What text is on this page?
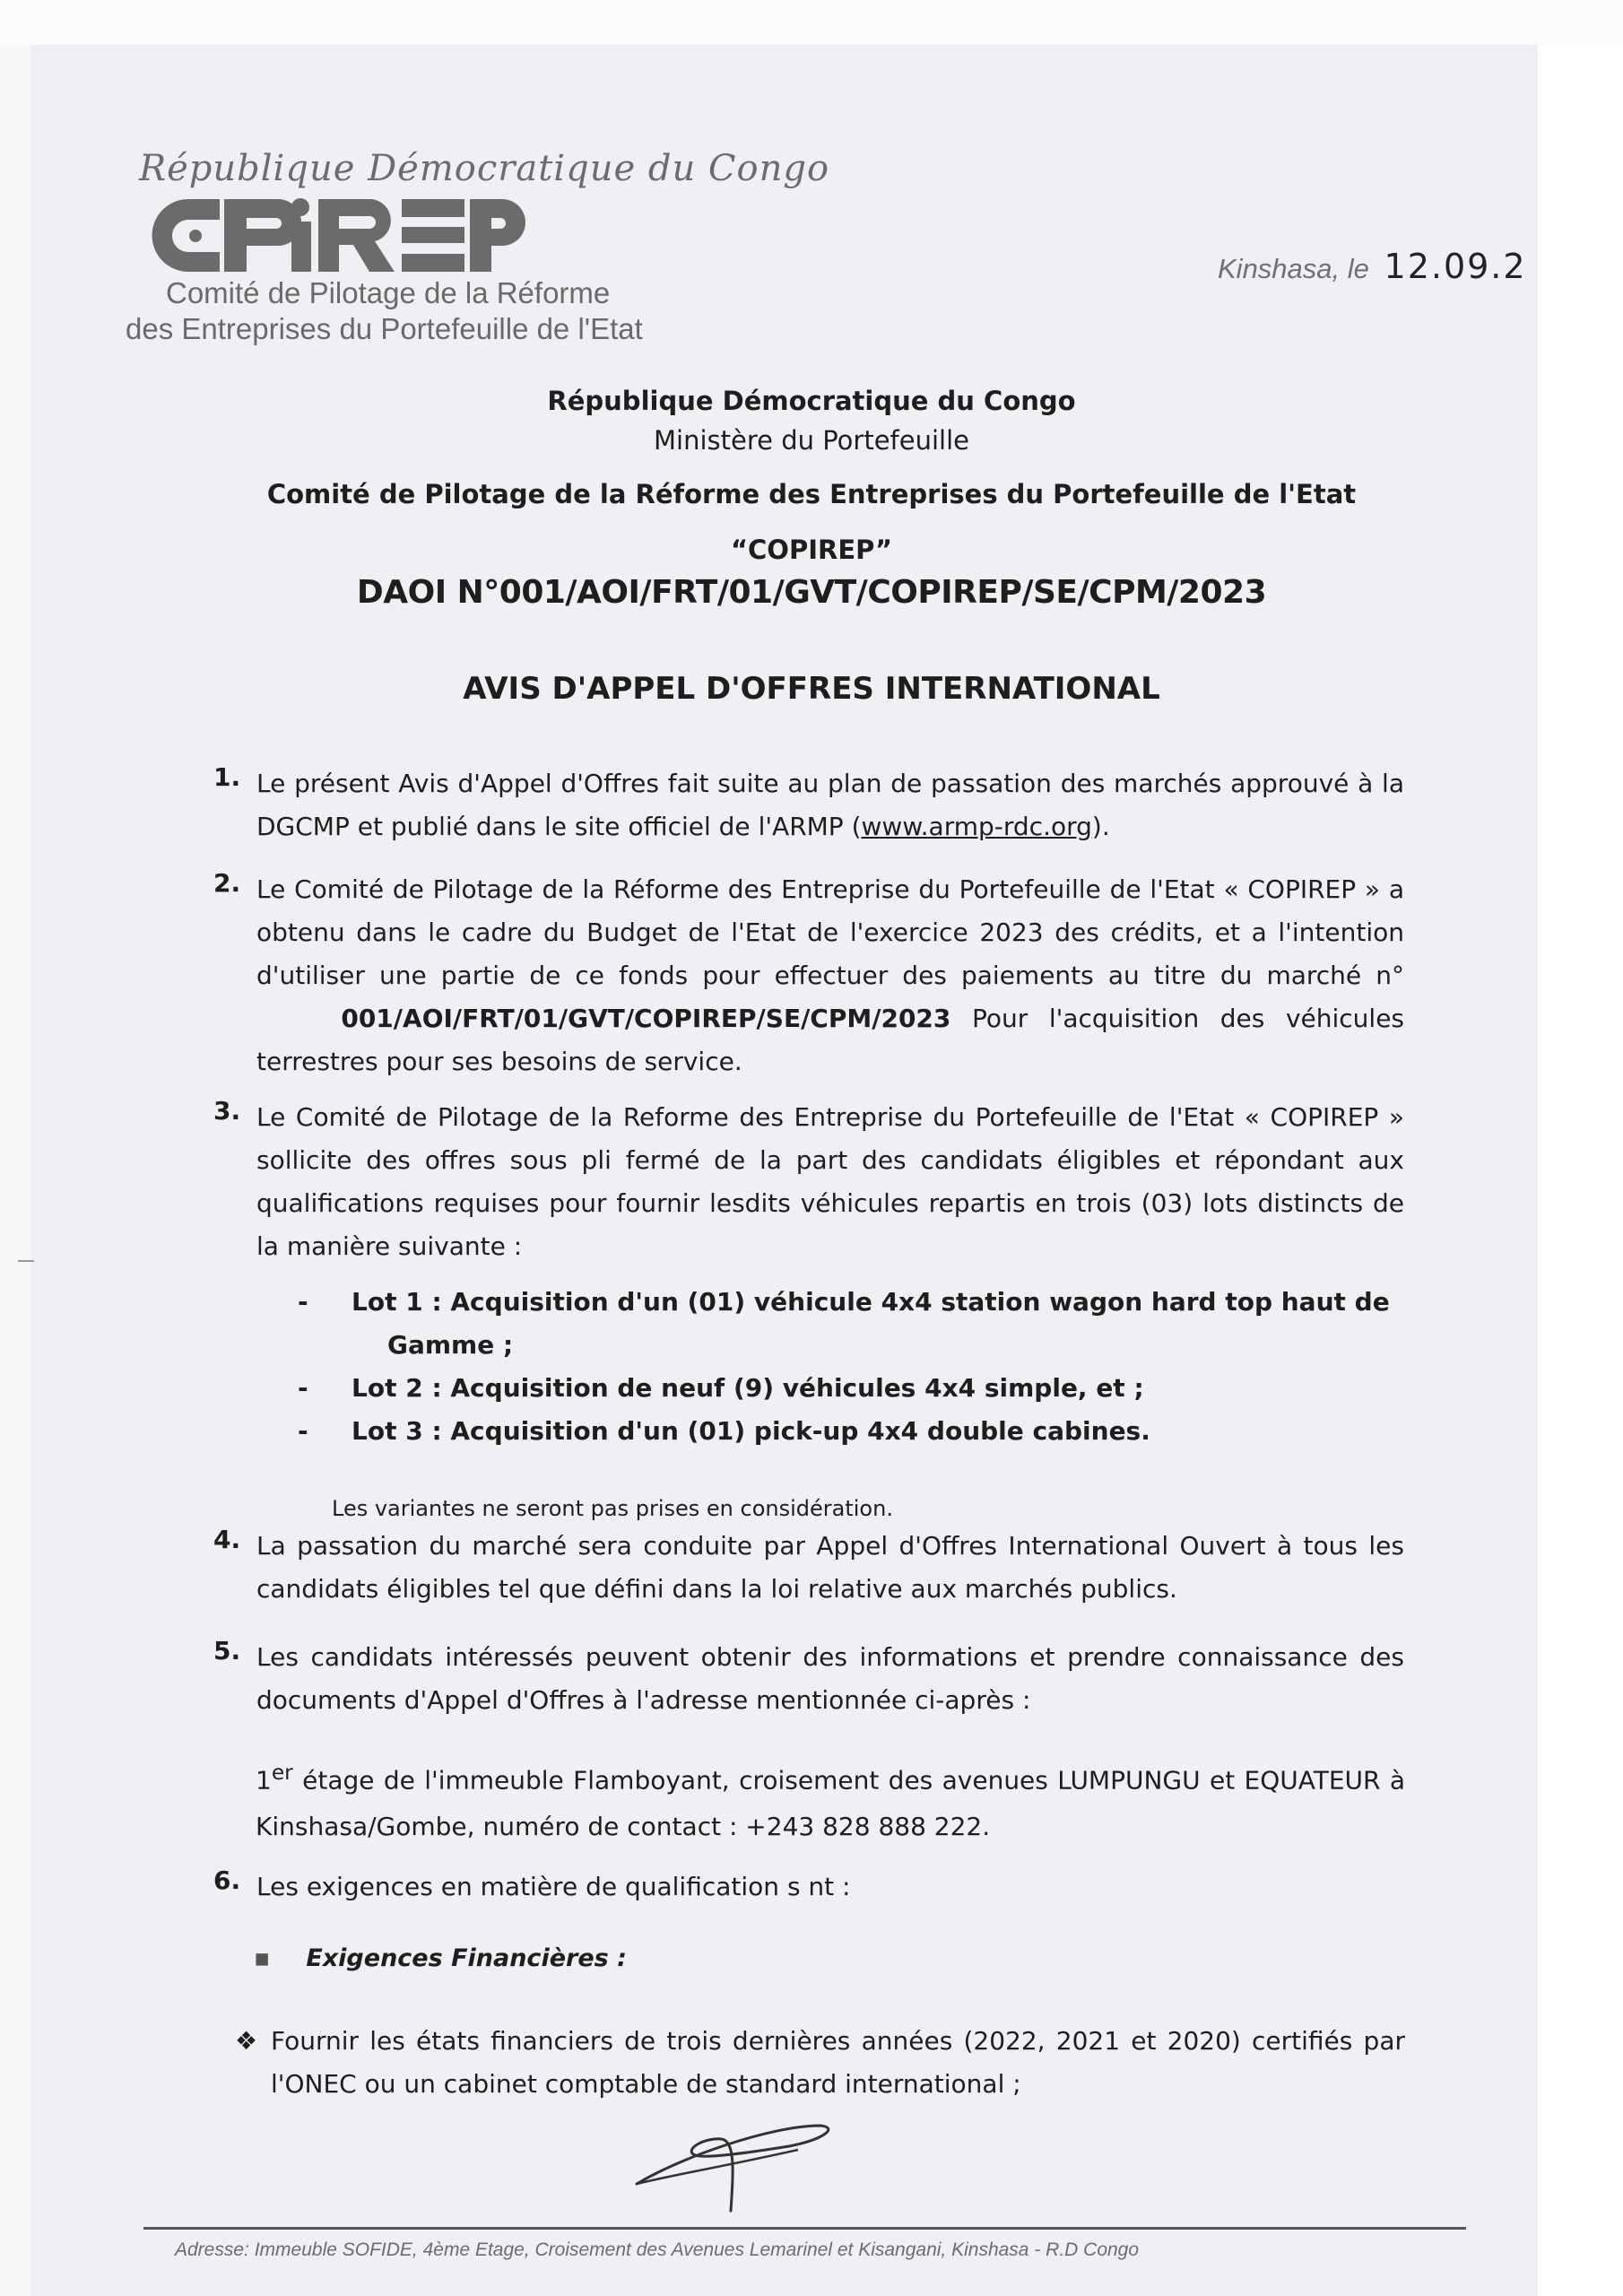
République Démocratique du Congo
Comité de Pilotage de la Réforme
des Entreprises du Portefeuille de l'Etat
Kinshasa, le 12.09.2
République Démocratique du Congo
Ministère du Portefeuille
Comité de Pilotage de la Réforme des Entreprises du Portefeuille de l'Etat
“COPIREP”
DAOI N°001/AOI/FRT/01/GVT/COPIREP/SE/CPM/2023
AVIS D'APPEL D'OFFRES INTERNATIONAL
1. Le présent Avis d'Appel d'Offres fait suite au plan de passation des marchés approuvé à la DGCMP et publié dans le site officiel de l'ARMP (www.armp-rdc.org).
2. Le Comité de Pilotage de la Réforme des Entreprise du Portefeuille de l'Etat « COPIREP » a obtenu dans le cadre du Budget de l'Etat de l'exercice 2023 des crédits, et a l'intention d'utiliser une partie de ce fonds pour effectuer des paiements au titre du marché n°     001/AOI/FRT/01/GVT/COPIREP/SE/CPM/2023 Pour l'acquisition des véhicules terrestres pour ses besoins de service.
3. Le Comité de Pilotage de la Reforme des Entreprise du Portefeuille de l'Etat « COPIREP » sollicite des offres sous pli fermé de la part des candidats éligibles et répondant aux qualifications requises pour fournir lesdits véhicules repartis en trois (03) lots distincts de la manière suivante :
- Lot 1 : Acquisition d'un (01) véhicule 4x4 station wagon hard top haut de
Gamme ;
- Lot 2 : Acquisition de neuf (9) véhicules 4x4 simple, et ;
- Lot 3 : Acquisition d'un (01) pick-up 4x4 double cabines.
Les variantes ne seront pas prises en considération.
4. La passation du marché sera conduite par Appel d'Offres International Ouvert à tous les candidats éligibles tel que défini dans la loi relative aux marchés publics.
5. Les candidats intéressés peuvent obtenir des informations et prendre connaissance des documents d'Appel d'Offres à l'adresse mentionnée ci-après :
1er étage de l'immeuble Flamboyant, croisement des avenues LUMPUNGU et EQUATEUR à Kinshasa/Gombe, numéro de contact : +243 828 888 222.
6. Les exigences en matière de qualification s nt :
▪ Exigences Financières :
❖ Fournir les états financiers de trois dernières années (2022, 2021 et 2020) certifiés par l'ONEC ou un cabinet comptable de standard international ;
Adresse: Immeuble SOFIDE, 4ème Etage, Croisement des Avenues Lemarinel et Kisangani, Kinshasa - R.D Congo
